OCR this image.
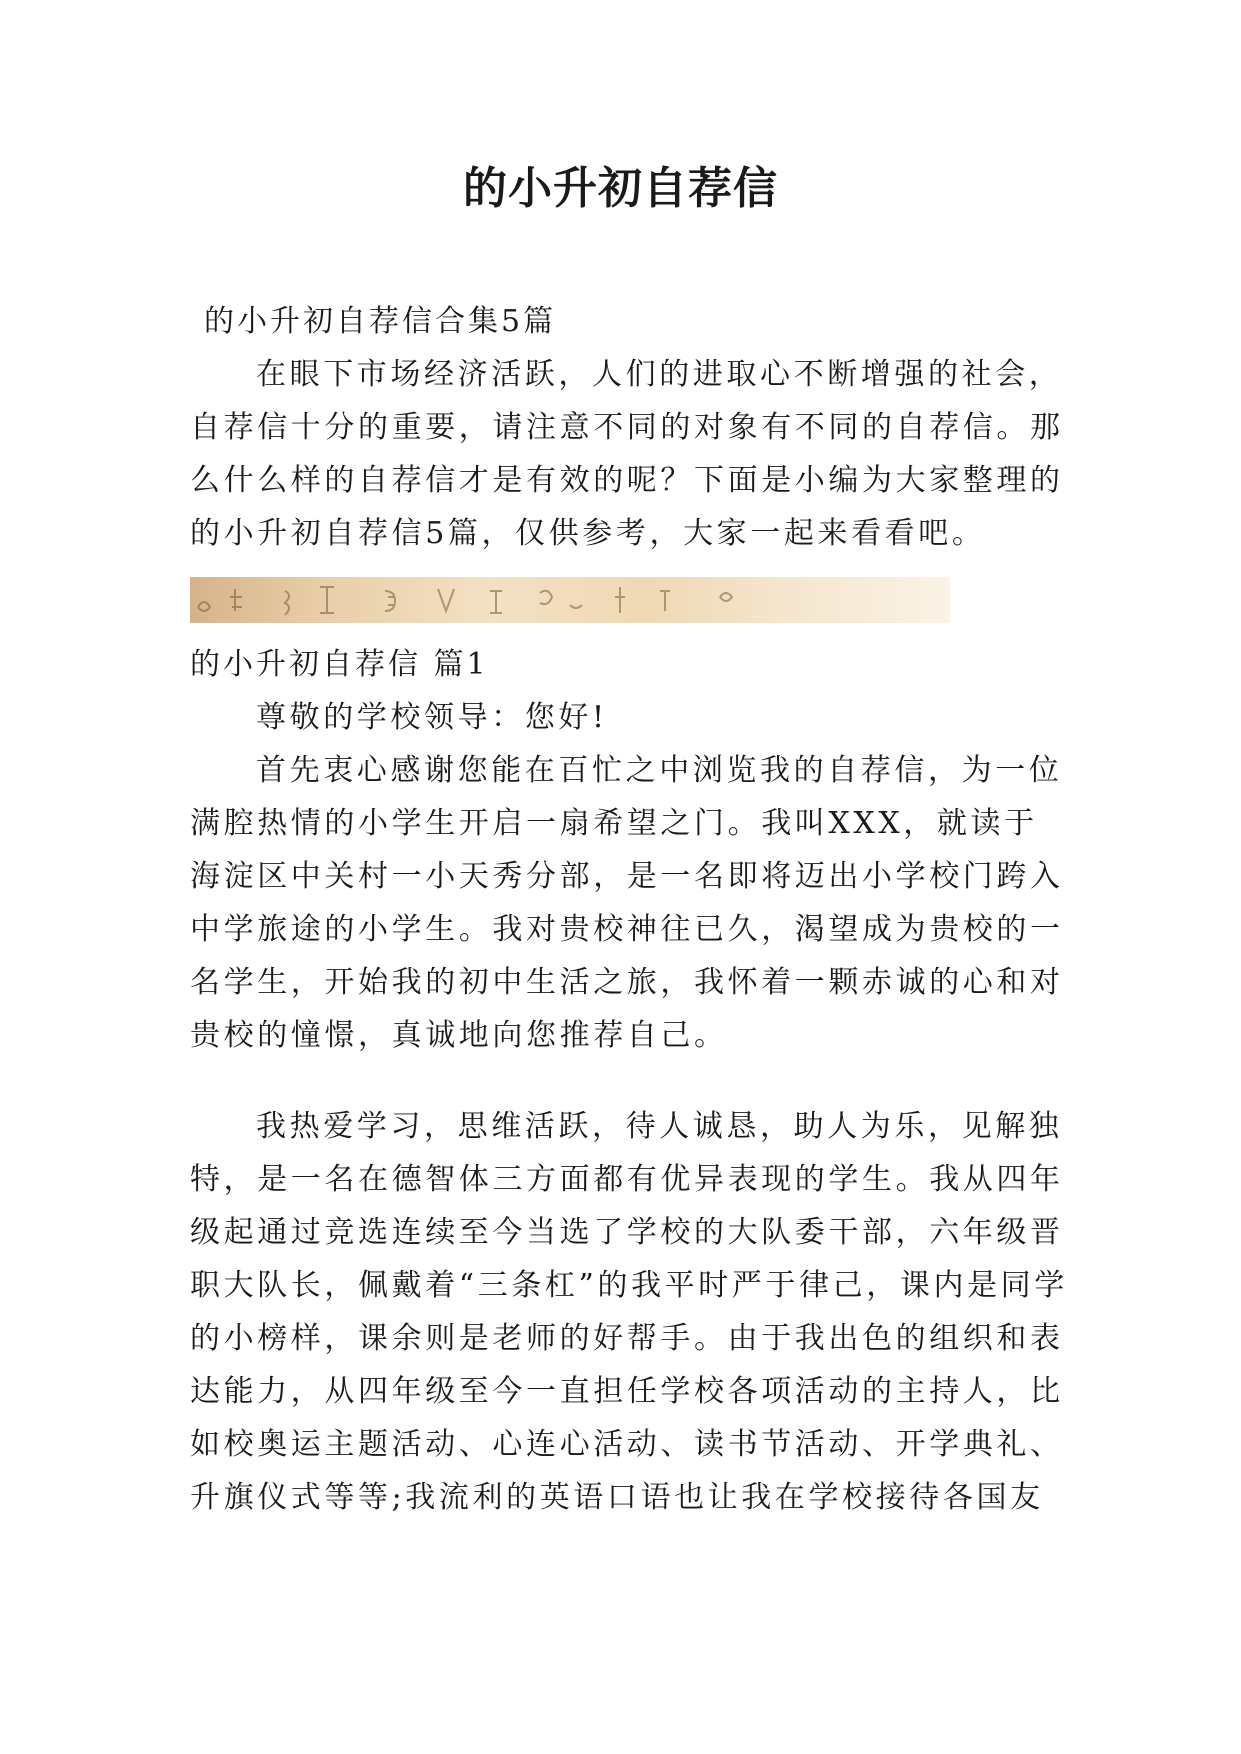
的小升初自荐信

的小升初自荐信合集5篇

在眼下市场经济活跃，人们的进取心不断增强的社会，自荐信十分的重要，请注意不同的对象有不同的自荐信。那么什么样的自荐信才是有效的呢？下面是小编为大家整理的的小升初自荐信5篇，仅供参考，大家一起来看看吧。

的小升初自荐信 篇1

尊敬的学校领导：您好!

首先衷心感谢您能在百忙之中浏览我的自荐信，为一位满腔热情的小学生开启一扇希望之门。我叫XXX，就读于海淀区中关村一小天秀分部，是一名即将迈出小学校门跨入中学旅途的小学生。我对贵校神往已久，渴望成为贵校的一名学生，开始我的初中生活之旅，我怀着一颗赤诚的心和对贵校的憧憬，真诚地向您推荐自己。

我热爱学习，思维活跃，待人诚恳，助人为乐，见解独特，是一名在德智体三方面都有优异表现的学生。我从四年级起通过竞选连续至今当选了学校的大队委干部，六年级晋职大队长，佩戴着“三条杠”的我平时严于律己，课内是同学的小榜样，课余则是老师的好帮手。由于我出色的组织和表达能力，从四年级至今一直担任学校各项活动的主持人，比如校奥运主题活动、心连心活动、读书节活动、开学典礼、升旗仪式等等;我流利的英语口语也让我在学校接待各国友
